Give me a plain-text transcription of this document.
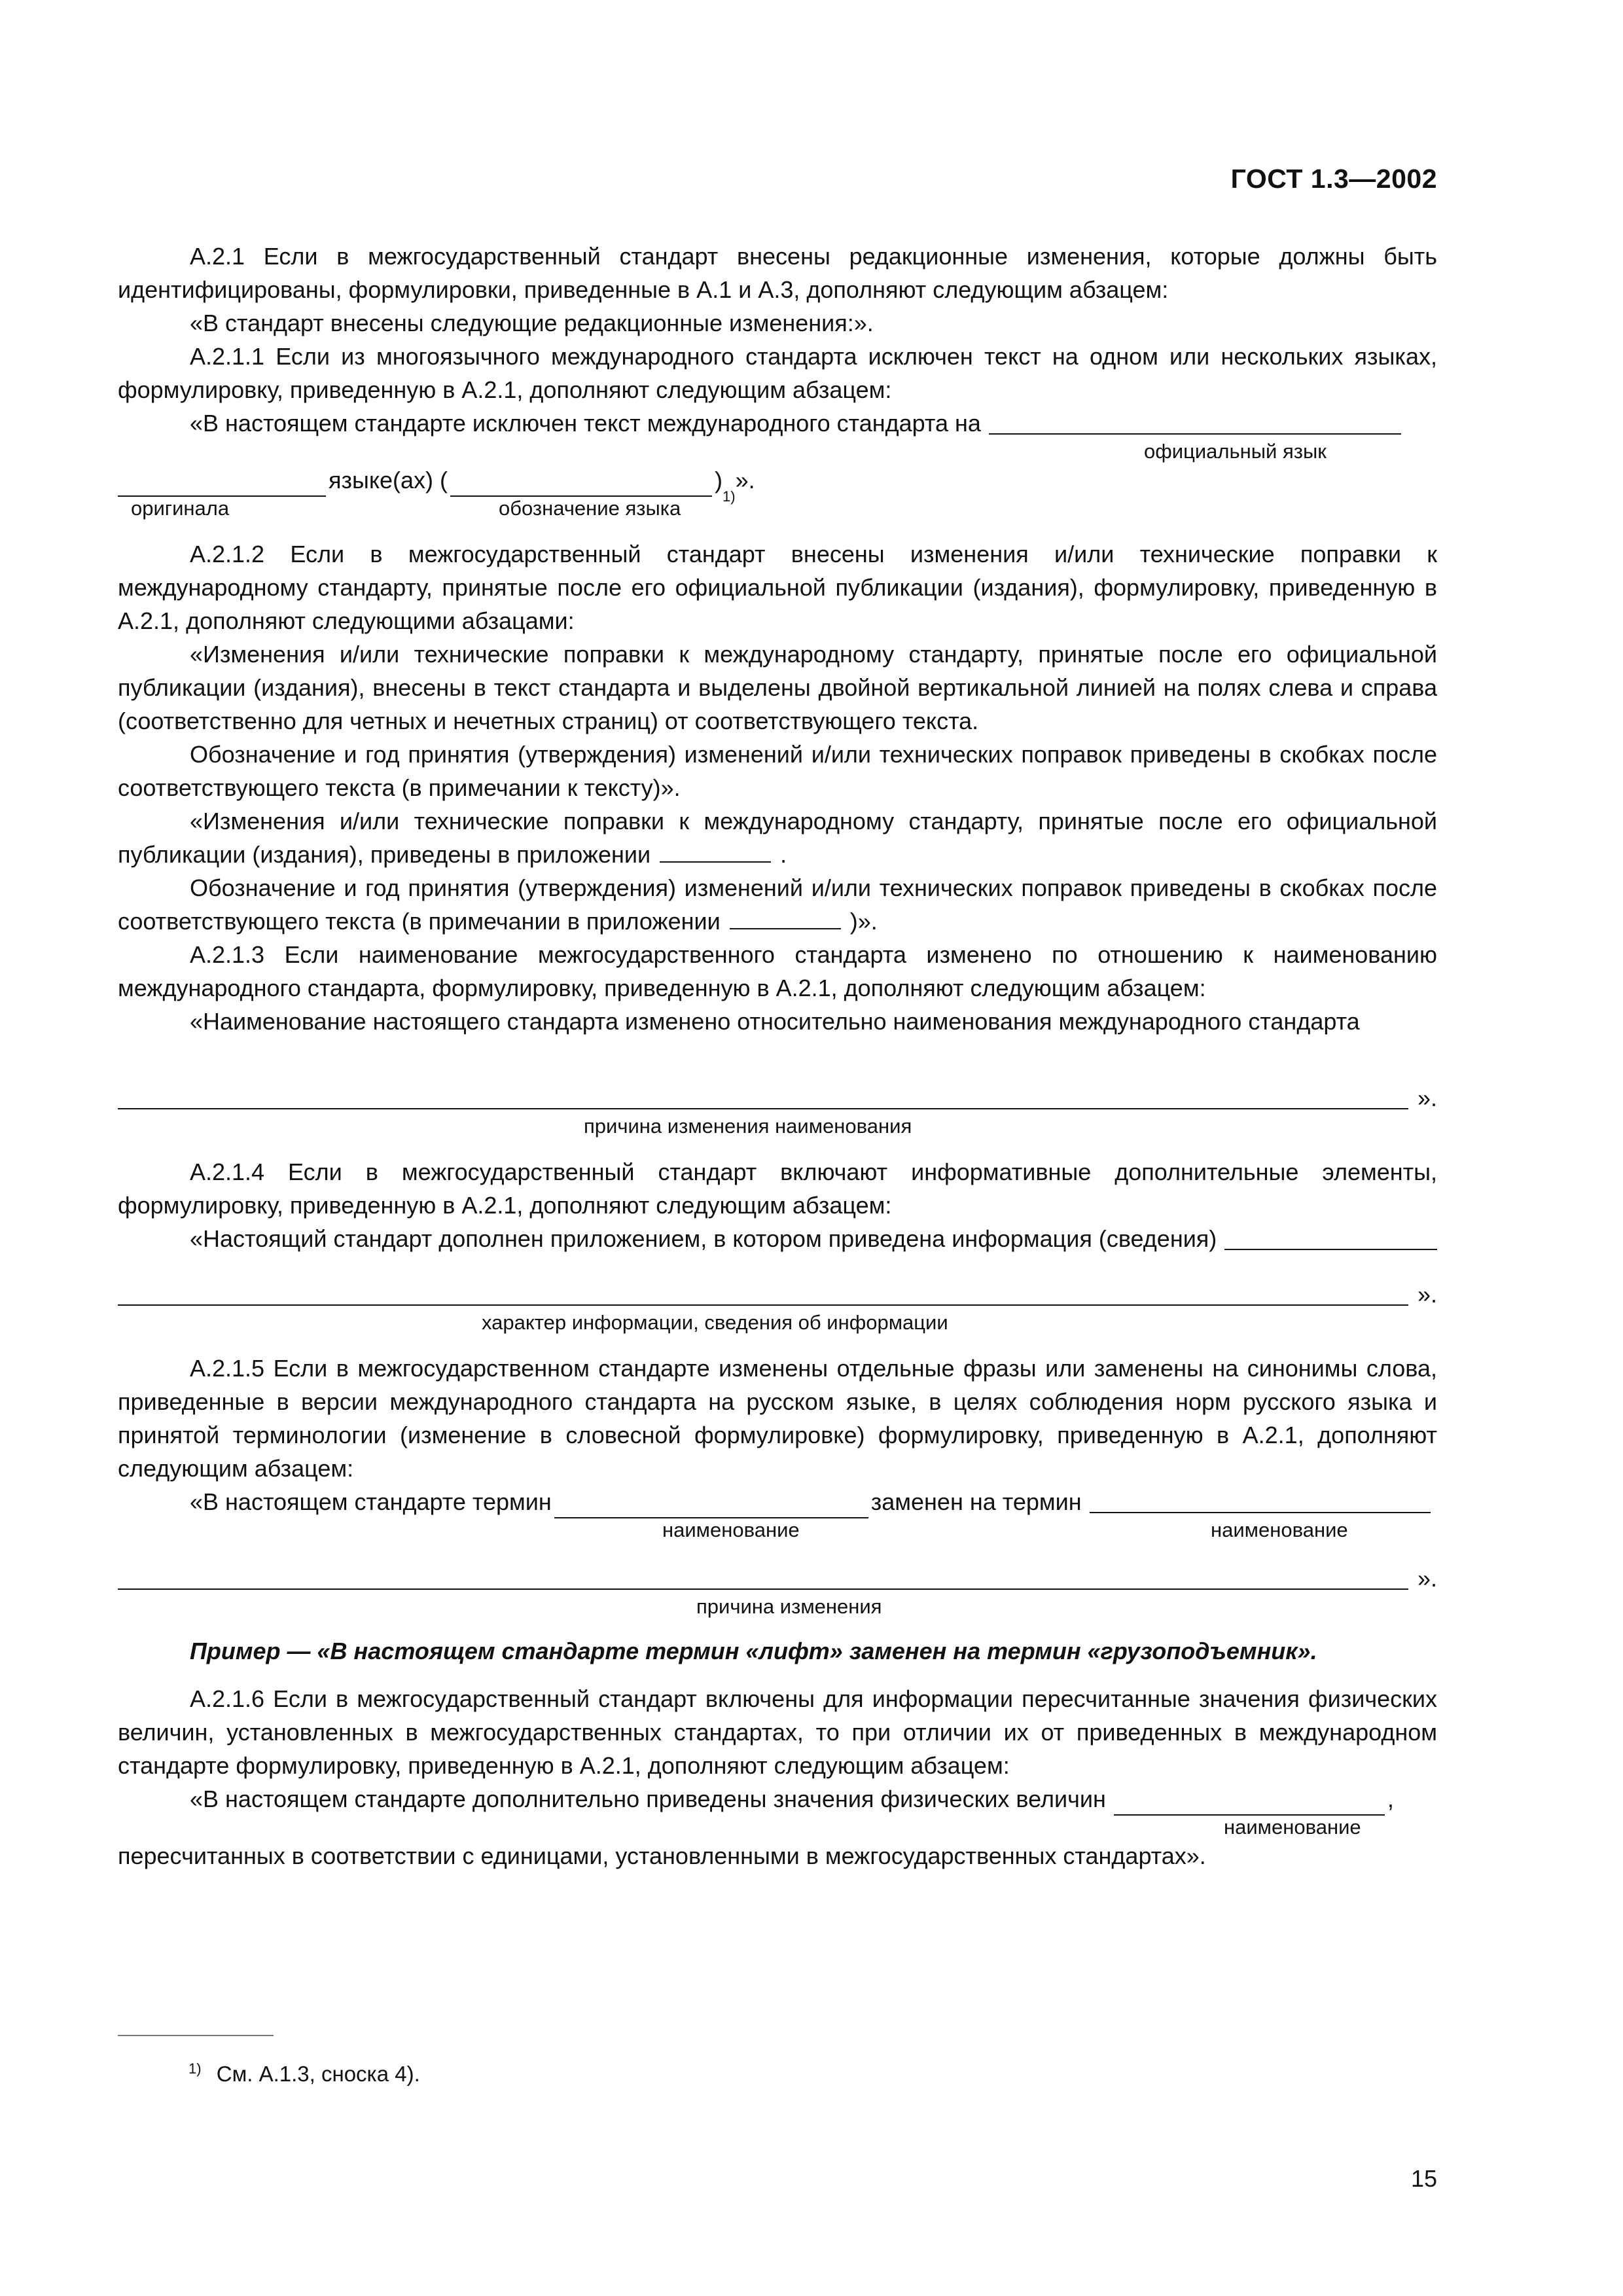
ГОСТ 1.3—2002

А.2.1 Если в межгосударственный стандарт внесены редакционные изменения, которые должны быть идентифицированы, формулировки, приведенные в А.1 и А.3, дополняют следующим абзацем:

«В стандарт внесены следующие редакционные изменения:».

А.2.1.1 Если из многоязычного международного стандарта исключен текст на одном или нескольких языках, формулировку, приведенную в А.2.1, дополняют следующим абзацем:

«В настоящем стандарте исключен текст международного стандарта на
официальный язык
языке(ах) (	)
1)
».
оригинала	обозначение языка

А.2.1.2 Если в межгосударственный стандарт внесены изменения и/или технические поправки к международному стандарту, принятые после его официальной публикации (издания), формулировку, приведенную в А.2.1, дополняют следующими абзацами:

«Изменения и/или технические поправки к международному стандарту, принятые после его официальной публикации (издания), внесены в текст стандарта и выделены двойной вертикальной линией на полях слева и справа (соответственно для четных и нечетных страниц) от соответствующего текста.

Обозначение и год принятия (утверждения) изменений и/или технических поправок приведены в скобках после соответствующего текста (в примечании к тексту)».

«Изменения и/или технические поправки к международному стандарту, принятые после его официальной публикации (издания), приведены в приложении	.

Обозначение и год принятия (утверждения) изменений и/или технических поправок приведены в скобках после соответствующего текста (в примечании в приложении	)».

А.2.1.3 Если наименование межгосударственного стандарта изменено по отношению к наименованию международного стандарта, формулировку, приведенную в А.2.1, дополняют следующим абзацем:

«Наименование настоящего стандарта изменено относительно наименования международного стандарта

».
причина изменения наименования

А.2.1.4 Если в межгосударственный стандарт включают информативные дополнительные элементы, формулировку, приведенную в А.2.1, дополняют следующим абзацем:

«Настоящий стандарт дополнен приложением, в котором приведена информация (сведения)
».
характер информации, сведения об информации

А.2.1.5 Если в межгосударственном стандарте изменены отдельные фразы или заменены на синонимы слова, приведенные в версии международного стандарта на русском языке, в целях соблюдения норм русского языка и принятой терминологии (изменение в словесной формулировке) формулировку, приведенную в А.2.1, дополняют следующим абзацем:

«В настоящем стандарте термин	заменен на термин
наименование	наименование
».
причина изменения

Пример — «В настоящем стандарте термин «лифт» заменен на термин «грузоподъемник».

А.2.1.6 Если в межгосударственный стандарт включены для информации пересчитанные значения физических величин, установленных в межгосударственных стандартах, то при отличии их от приведенных в международном стандарте формулировку, приведенную в А.2.1, дополняют следующим абзацем:

«В настоящем стандарте дополнительно приведены значения физических величин	,
наименование

пересчитанных в соответствии с единицами, установленными в межгосударственных стандартах».

$^{1)}$ См. А.1.3, сноска 4).
15
